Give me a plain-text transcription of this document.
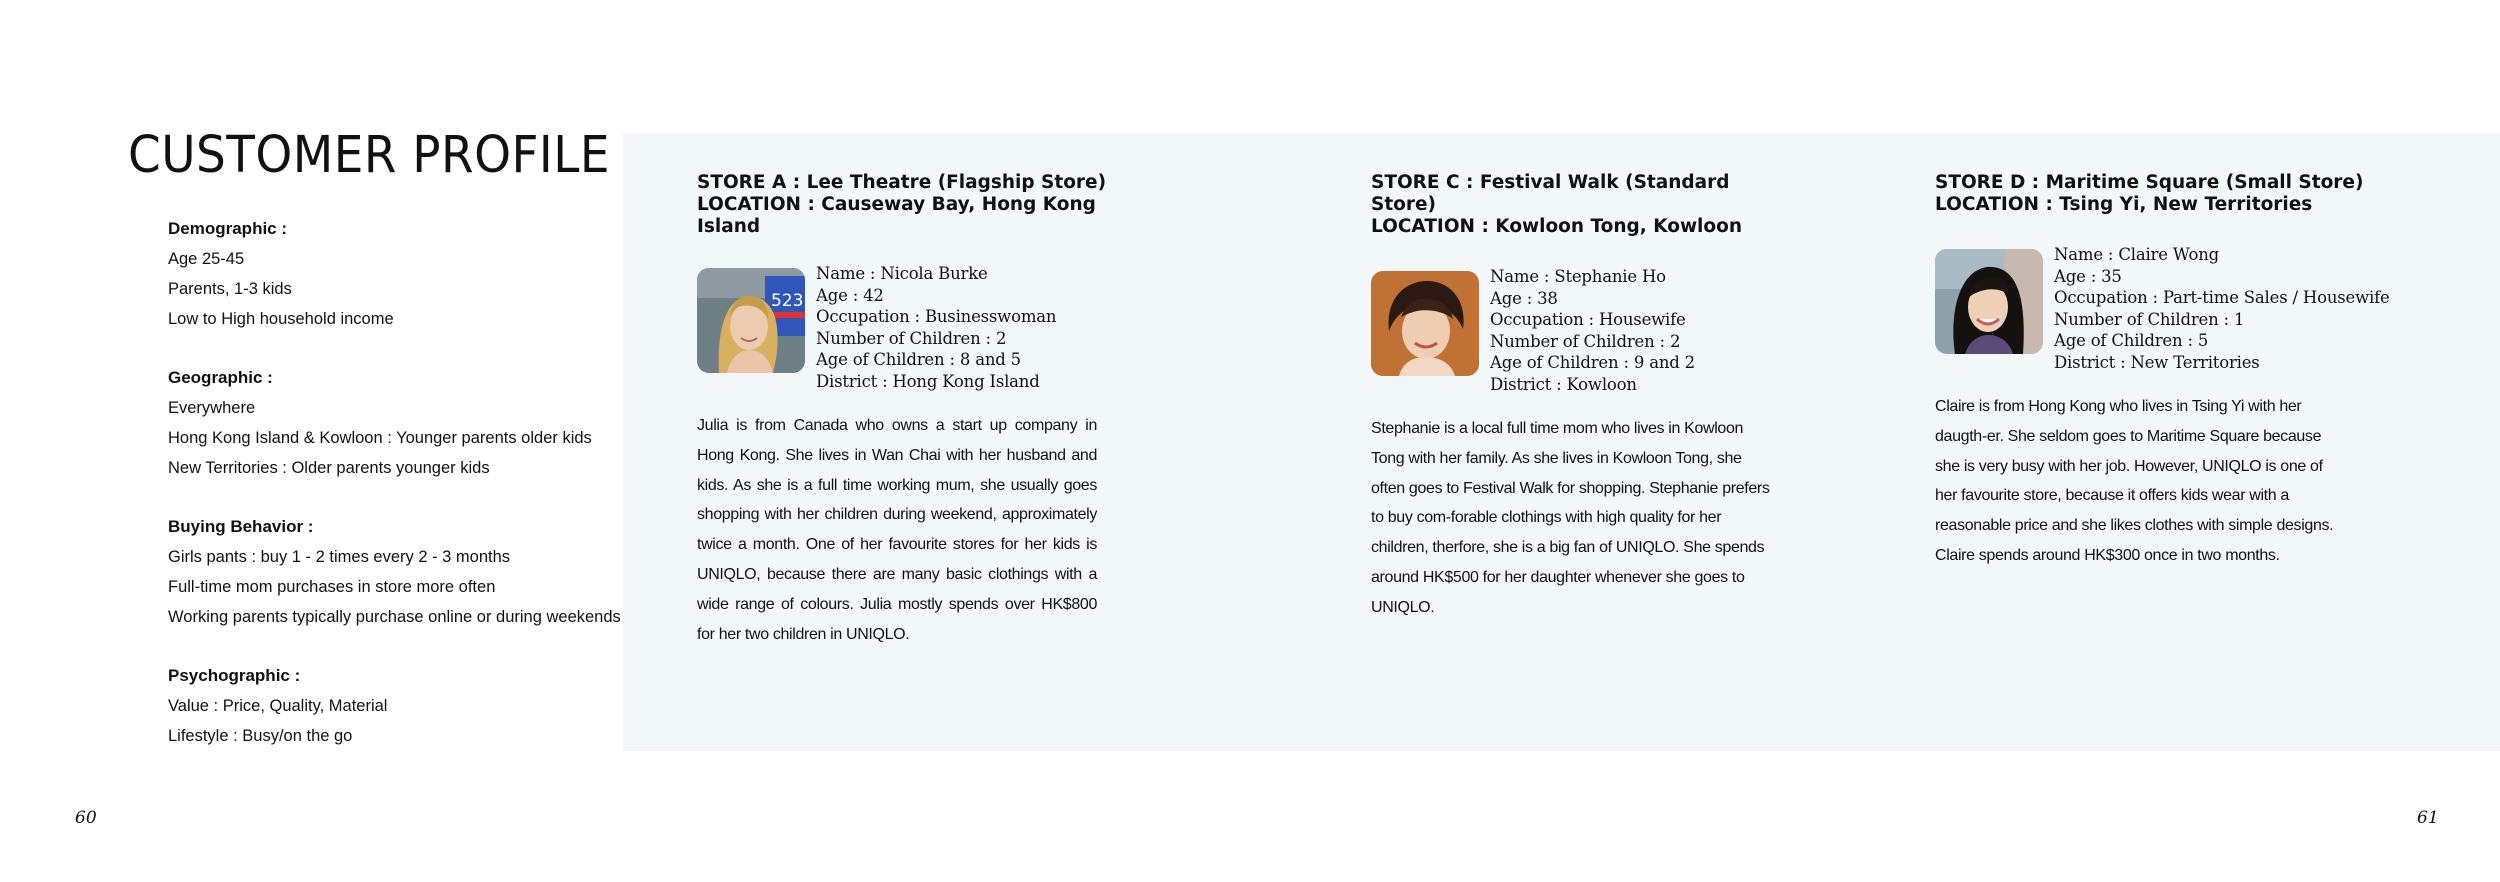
CUSTOMER PROFILE
Demographic :
Age 25-45
Parents, 1-3 kids
Low to High household income
Geographic :
Everywhere
Hong Kong Island & Kowloon : Younger parents older kids
New Territories : Older parents younger kids
Buying Behavior :
Girls pants : buy 1 - 2 times every 2 - 3 months
Full-time mom purchases in store more often
Working parents typically purchase online or during weekends
Psychographic :
Value : Price, Quality, Material
Lifestyle : Busy/on the go
STORE A : Lee Theatre (Flagship Store)
LOCATION : Causeway Bay, Hong Kong Island
523
Name : Nicola Burke
Age : 42
Occupation : Businesswoman
Number of Children : 2
Age of Children : 8 and 5
District : Hong Kong Island
Julia is from Canada who owns a start up company in Hong Kong. She lives in Wan Chai with her husband and kids. As she is a full time working mum, she usually goes shopping with her children during weekend, approximately twice a month. One of her favourite stores for her kids is UNIQLO, because there are many basic clothings with a wide range of colours. Julia mostly spends over HK$800 for her two children in UNIQLO.
STORE C : Festival Walk (Standard Store)
LOCATION : Kowloon Tong, Kowloon
Name : Stephanie Ho
Age : 38
Occupation : Housewife
Number of Children : 2
Age of Children : 9 and 2
District : Kowloon
Stephanie is a local full time mom who lives in Kowloon Tong with her family. As she lives in Kowloon Tong, she often goes to Festival Walk for shopping. Stephanie prefers to buy com-forable clothings with high quality for her children, therfore, she is a big fan of UNIQLO. She spends around HK$500 for her daughter whenever she goes to UNIQLO.
STORE D : Maritime Square (Small Store)
LOCATION : Tsing Yi, New Territories
Name : Claire Wong
Age : 35
Occupation : Part-time Sales / Housewife
Number of Children : 1
Age of Children : 5
District : New Territories
Claire is from Hong Kong who lives in Tsing Yi with her daugth-er. She seldom goes to Maritime Square because she is very busy with her job. However, UNIQLO is one of her favourite store, because it offers kids wear with a reasonable price and she likes clothes with simple designs. Claire spends around HK$300 once in two months.
60	61
